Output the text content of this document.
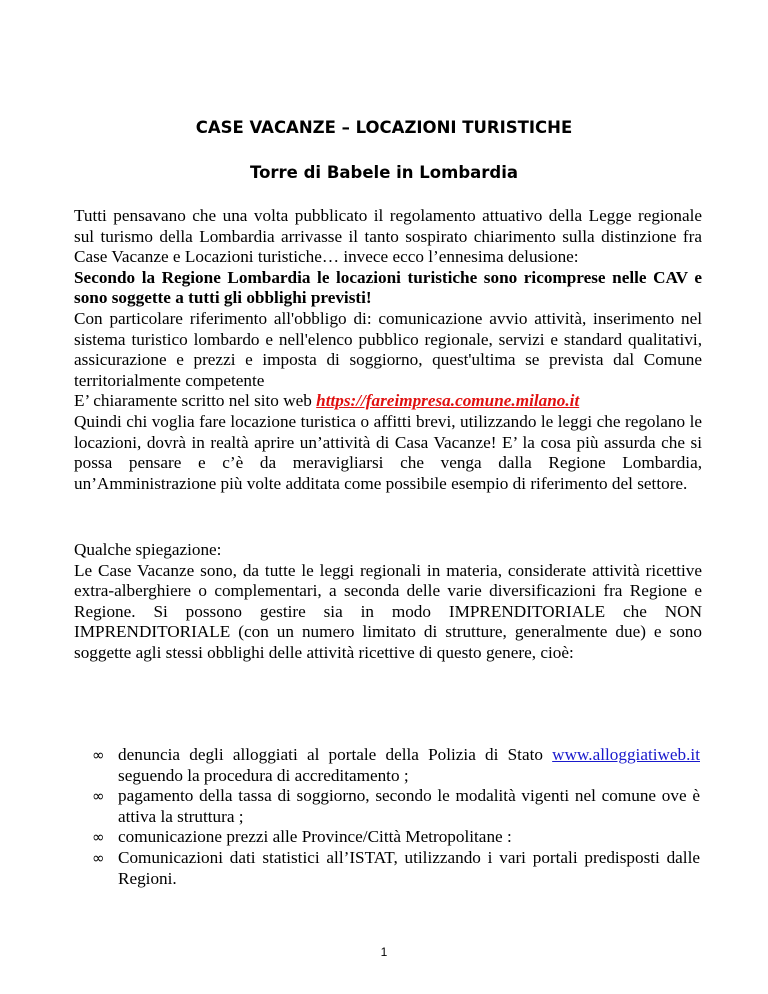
CASE VACANZE – LOCAZIONI TURISTICHE
Torre di Babele in Lombardia

Tutti pensavano che una volta pubblicato il regolamento attuativo della Legge regionale sul turismo della Lombardia arrivasse il tanto sospirato chiarimento sulla distinzione fra Case Vacanze e Locazioni turistiche… invece ecco l’ennesima delusione:

Secondo la Regione Lombardia le locazioni turistiche sono ricomprese nelle CAV e sono soggette a tutti gli obblighi previsti!

Con particolare riferimento all'obbligo di: comunicazione avvio attività, inserimento nel sistema turistico lombardo e nell'elenco pubblico regionale, servizi e standard qualitativi, assicurazione e prezzi e imposta di soggiorno, quest'ultima se prevista dal Comune territorialmente competente

E’ chiaramente scritto nel sito web https://fareimpresa.comune.milano.it

Quindi chi voglia fare locazione turistica o affitti brevi, utilizzando le leggi che regolano le locazioni, dovrà in realtà aprire un’attività di Casa Vacanze! E’ la cosa più assurda che si possa pensare e c’è da meravigliarsi che venga dalla Regione Lombardia, un’Amministrazione più volte additata come possibile esempio di riferimento del settore.

Qualche spiegazione:

Le Case Vacanze sono, da tutte le leggi regionali in materia, considerate attività ricettive extra-alberghiere o complementari, a seconda delle varie diversificazioni fra Regione e Regione. Si possono gestire sia in modo IMPRENDITORIALE che NON IMPRENDITORIALE (con un numero limitato di strutture, generalmente due) e sono soggette agli stessi obblighi delle attività ricettive di questo genere, cioè:

∞ denuncia degli alloggiati al portale della Polizia di Stato www.alloggiatiweb.it seguendo la procedura di accreditamento ;
∞ pagamento della tassa di soggiorno, secondo le modalità vigenti nel comune ove è attiva la struttura ;
∞ comunicazione prezzi alle Province/Città Metropolitane :
∞ Comunicazioni dati statistici all’ISTAT, utilizzando i vari portali predisposti dalle Regioni.
1
